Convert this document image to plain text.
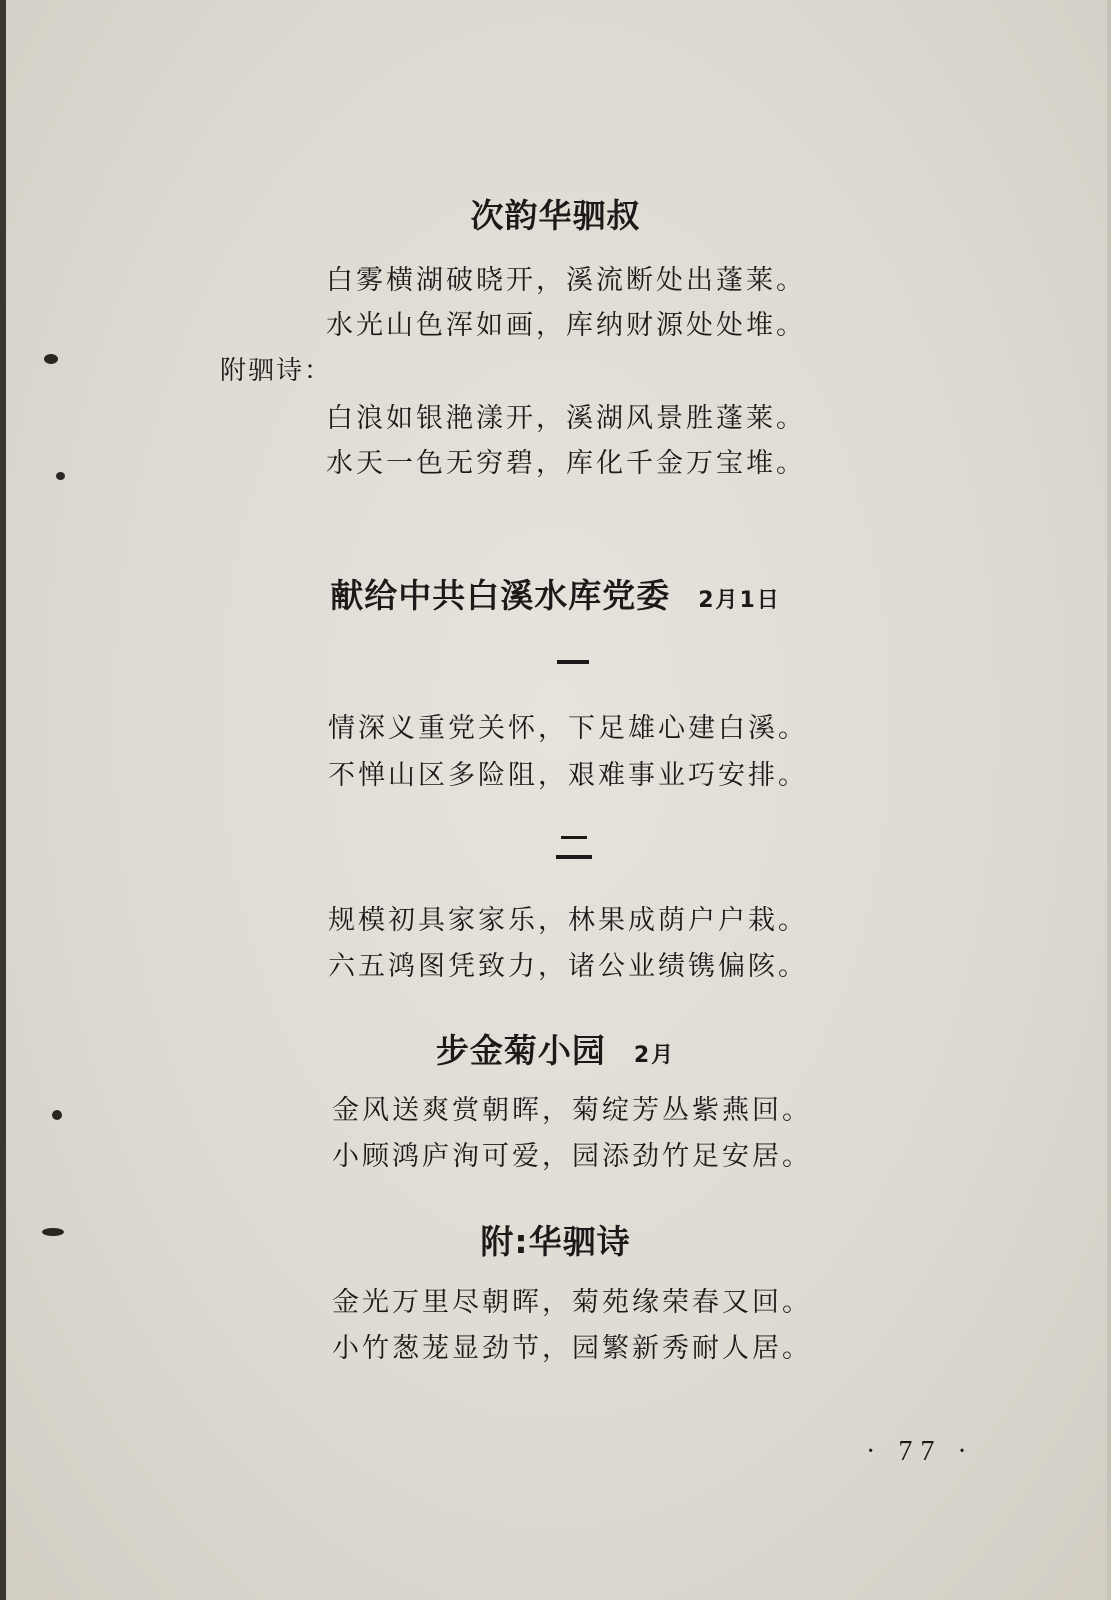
次韵华驷叔
白雾横湖破晓开，溪流断处出蓬莱。
水光山色浑如画，库纳财源处处堆。
附驷诗：
白浪如银滟漾开，溪湖风景胜蓬莱。
水天一色无穷碧，库化千金万宝堆。
献给中共白溪水库党委 2月1日
情深义重党关怀，下足雄心建白溪。
不惮山区多险阻，艰难事业巧安排。
规模初具家家乐，林果成荫户户栽。
六五鸿图凭致力，诸公业绩镌偏陔。
步金菊小园 2月
金风送爽赏朝晖，菊绽芳丛紫燕回。
小顾鸿庐洵可爱，园添劲竹足安居。
附:华驷诗
金光万里尽朝晖，菊苑缘荣春又回。
小竹葱茏显劲节，园繁新秀耐人居。
· 77 ·
